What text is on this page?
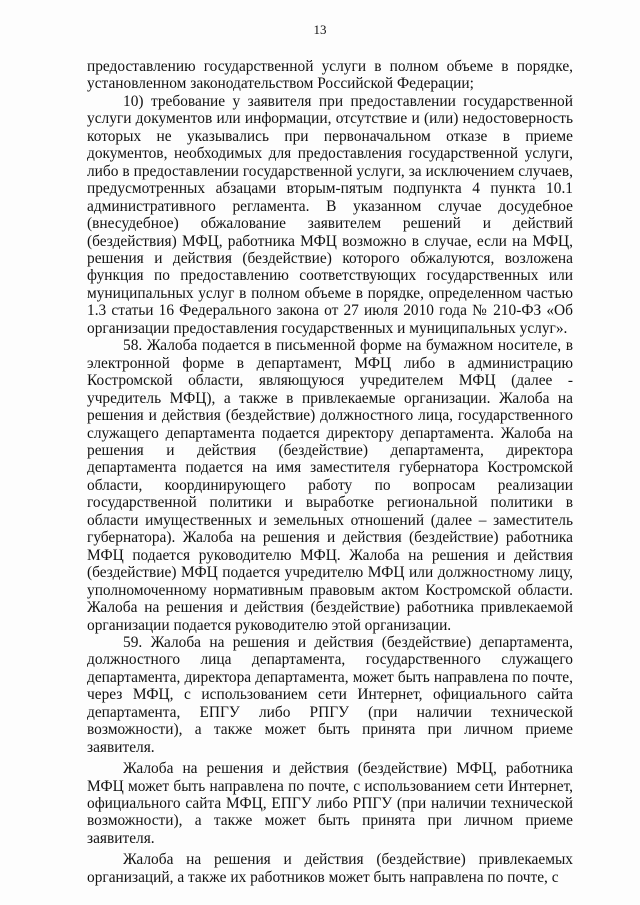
13

предоставлению государственной услуги в полном объеме в порядке, установленном законодательством Российской Федерации;

10) требование у заявителя при предоставлении государственной услуги документов или информации, отсутствие и (или) недостоверность которых не указывались при первоначальном отказе в приеме документов, необходимых для предоставления государственной услуги, либо в предоставлении государственной услуги, за исключением случаев, предусмотренных абзацами вторым-пятым подпункта 4 пункта 10.1 административного регламента. В указанном случае досудебное (внесудебное) обжалование заявителем решений и действий (бездействия) МФЦ, работника МФЦ возможно в случае, если на МФЦ, решения и действия (бездействие) которого обжалуются, возложена функция по предоставлению соответствующих государственных или муниципальных услуг в полном объеме в порядке, определенном частью 1.3 статьи 16 Федерального закона от 27 июля 2010 года № 210-ФЗ «Об организации предоставления государственных и муниципальных услуг».

58. Жалоба подается в письменной форме на бумажном носителе, в электронной форме в департамент, МФЦ либо в администрацию Костромской области, являющуюся учредителем МФЦ (далее - учредитель МФЦ), а также в привлекаемые организации. Жалоба на решения и действия (бездействие) должностного лица, государственного служащего департамента подается директору департамента. Жалоба на решения и действия (бездействие) департамента, директора департамента подается на имя заместителя губернатора Костромской области, координирующего работу по вопросам реализации государственной политики и выработке региональной политики в области имущественных и земельных отношений (далее – заместитель губернатора). Жалоба на решения и действия (бездействие) работника МФЦ подается руководителю МФЦ. Жалоба на решения и действия (бездействие) МФЦ подается учредителю МФЦ или должностному лицу, уполномоченному нормативным правовым актом Костромской области. Жалоба на решения и действия (бездействие) работника привлекаемой организации подается руководителю этой организации.

59. Жалоба на решения и действия (бездействие) департамента, должностного лица департамента, государственного служащего департамента, директора департамента, может быть направлена по почте, через МФЦ, с использованием сети Интернет, официального сайта департамента, ЕПГУ либо РПГУ (при наличии технической возможности), а также может быть принята при личном приеме заявителя.

Жалоба на решения и действия (бездействие) МФЦ, работника МФЦ может быть направлена по почте, с использованием сети Интернет, официального сайта МФЦ, ЕПГУ либо РПГУ (при наличии технической возможности), а также может быть принята при личном приеме заявителя.

Жалоба на решения и действия (бездействие) привлекаемых организаций, а также их работников может быть направлена по почте, с
